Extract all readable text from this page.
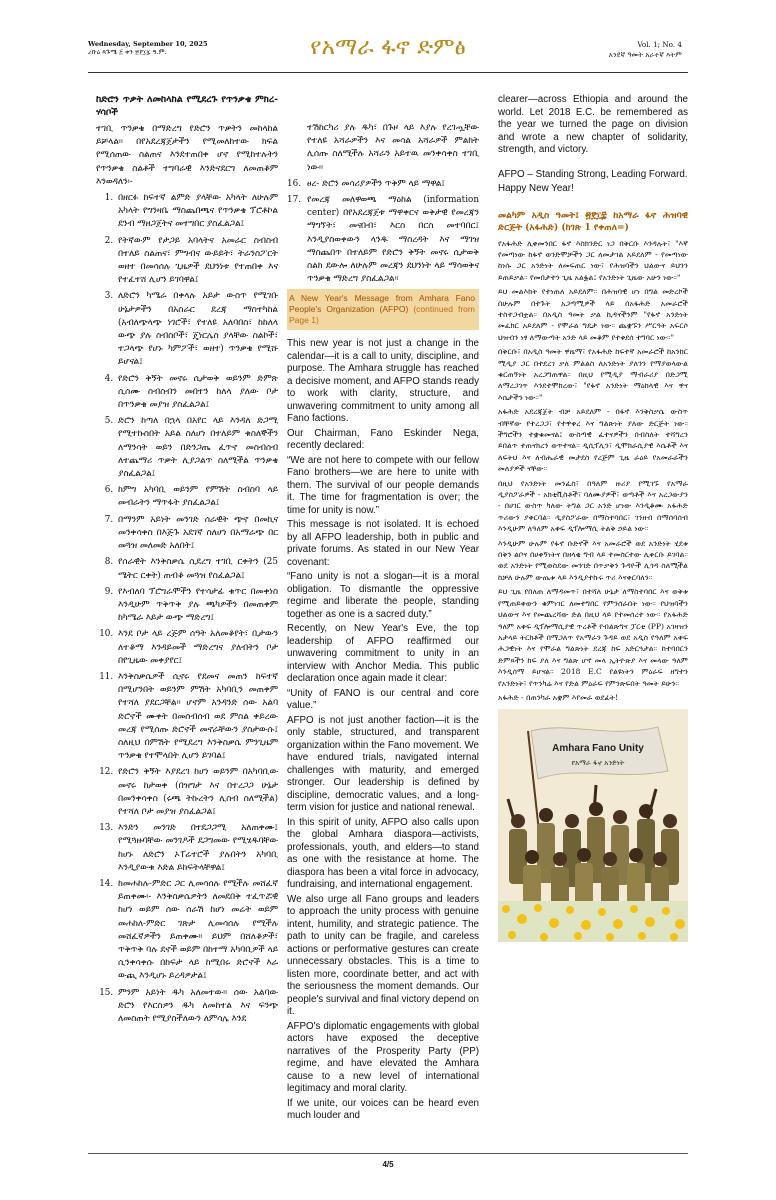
Wednesday, September 10, 2025
ረቡዕ ጳጉሜ ፭ ቀን ፳፻፲፯ ዓ.ም.	የአማራ ፋኖ ድምፅ	Vol. 1; No. 4
አንደኛ ዓመት አራተኛ እትም
ከድሮን ጥቃት ለመከላከል የሚደረጉ የጥንቃቄ ምክረ-ሃሳቦች

ተገቢ ጥንቃቄ በማድረግ የድሮን ጥቃትን መከላከል ይቻላል፡፡ በየአደረጃጀታችን የሚመለከተው ክፍል የሚሰጠው ስልጠና እንደተጠበቀ ሆኖ የሚከተሉትን የጥንቃቄ ስልቶች ተግባራዊ እንድናደርግ ለመጠቆም እንወዳለን፡-

1. በዘርፉ ከፍተኛ ልምድ ያላቸው አካላት ለሁሉም አካላት የግንዛቤ ማስጨበጫና የጥንቃቄ ፕሮቶኮል ደንብ ማዘጋጀትና መተግበር ያስፈልጋል፤
2. የትኛውም የታጋይ አባላትና አመራር ስብስብ በተለይ ስልጠና፣ ምግብና ውይይት፣ ትራንስፖርት ወዘተ በመሳሰሉ ጊዜዎች ደህንነቱ የተጠበቀ እና የተፈተሸ ሊሆን ይገባዋል፤
3. ለድሮን ካሜራ በቀላሉ አይታ ውስጥ የሚገቡ ሁኔታዎችን በአስራር ደረጃ ማስተካከል (አብለጭላጭ ነገሮች፣ የተለዩ አለባበስ፣ ከከለላ ውጭ ያሉ ስብስቦች፣ ጄነርሌስ ያላቸው ስልኮች፣ ተጋላጭ የሆኑ ካምፖች፣ ወዘተ) ጥንቃቄ የሚሹ ይሆናል፤
4. የድሮን ቅኝት መኖሩ ሲታወቅ ወይንም ድምጽ ሲሰሙ ስብስብን መበተን ከለላ ያለው ቦታ በጥንቃቄ መያዝ ያስፈልጋል፤
5. ድሮን ከጣለ በኋላ በአየር ላይ እንዳለ ድጋሚ የሚተኩስበት አይል ስለሆነ በተለይም ቁስለኞችን ለማንሳት ወይን በድንጋጤ ፈጥኖ መስብሰብ ለተጨማሪ ጥቃት ሊያጋልጥ ስለሚችል ጥንቃቄ ያስፈልጋል፤
6. ከምግ አካባቢ ወይንም የምሽት ስብስባ ላይ መብራትን ማጥፋት ያስፈልጋል፤
7. በማንም አይነት መንገድ ሰራዊት ጭኖ በመኪና መንቀሳቀስ በእጅጉ አደገኛ ስለሆነ በአማራጭ በር መጓዝ መለመድ አለበት፤
8. የሰራዊት እንቅስቃሴ ሲደረግ ተገቢ ርቀትን (25 ሜትር ርቀት) ጠብቆ መጓዝ የስፈልጋል፤
9. የእብለባ ፕሮግራሞችን የተሳታፊ ቁጥር በመቀነስ እንዲሁም ጥቅጥቅ ያሉ ጫካዎችን በመጠቀም ከካሜራ እይታ ውጭ ማድረግ፤
10. እንደ ቦታ ላይ ረጅም ሰዓት አለመቆየት፣ ቢታውን ለተቆማ እንዳይመች ማድረግና ያለብትን ቦታ በየጊዜው መቀያየር፤
11. እንቅስቃሴዎች ሲኖሩ የደመና መጠን ከፍተኛ በሚሆንበት ወይንም ምሽት አካባቢን መጠቀም የተሻለ ያደርጋቸል፡፡ ሆኖም አንዳንድ ሰው አልባ ድሮኖች ሙቀት በመሰብሰብ ወደ ምስል ቀይረው መረጃ የሚሰጡ ድሮኖች መኖራቸውን ያስታውሱ፤ ስለዚህ በምሽት የሚደረግ እንቅስቃሴ ምንጊዜም ጥንቃቄ የተሞላበት ሊሆን ይገባል፤
12. የድሮን ቅኝት እያደረገ ከሆነ ወይንም በአካባቢው መኖሩ ከታወቀ (በዝግታ እና በተረጋጋ ሁኔታ በመንቀሳቀስ (ሩጫ ትኩረትን ሊስብ ስለሚችል) የተሻለ ቦታ መያዝ ያስፈልጋል፤
13. እንድን መንገድ በተደጋጋሚ አለጠቀሙ፤ የሚጓዙባቸው መንገዶች ደጋግመው የሚሄዱባቸው ከሆኑ ለድሮን ኦፐሬተሮች ያሉበትን አካባቢ እንዲያውቁ እድል ይከፍትላቸዋል፤
14. ከመሐከሉ-ምድር ጋር ሊመሳሰሉ የሚችሉ መሸፈኛ ይጠቀሙ፡- እንቅስቃሴዎትን ለመደበቅ ተፈጥሯዊ ከሆነ ወይም ሰው ሰራሽ ከሆነ መሬት ወይም መሐከለ-ምድር ገጽታ ሊመሳሰሉ የሚችሉ መሸፈኛዎችን ይጠቀሙ፡፡ ይህም በሸለቆዎች፣ ጥቅጥቅ ባሉ ደኖች ወይም በከተማ አካባቢዎች ላይ ሲንቀሳቀሱ በከፍታ ላይ ከሚበሩ ድሮኖች እራ ውጪ እንዲሆኑ ይረዳዎታል፤
15. ምንም አይነት ዱካ አለመተው፡፡ ሰው አልባው ድሮን የእርስዎን ዱካ ለመከተል እና ፍንጭ ለመስጠት የሚያስችለውን ለምሳሌ እንደ
ተሽከርካሪ ያሉ ዱካ፣ በጉዞ ላይ እያሉ የረገጧቸው የተለዩ አሻራዎችን እና መሳል አሻራዎች ምልክት ሊሰጡ ስለሚችሉ አሻራን አይተዉ መንቀሳቀስ ተገቢ ነው፡፡
16. ፀረ- ድሮን መሳሪያዎችን ጥቅም ላይ ማዋል፤
17. የመረጃ መለዋወጫ ማዕከል (information center) በየአደረጃጀቱ ማዋቀርና ወቅታዊ የመረጃን ማግኘት፣ መናበብ፣ እርስ በርስ መተባበር፤ እንዲያስወቀውን ላንዱ ማስረዳት እና ማገዝ ማስጨበጥ በተለይም የድሮን ቅኝት መኖሩ ሲታወቅ ስልክ ደውሎ ለሁሉም መረጃን ደህንነት ላይ ማሳወቅና ጥንቃቄ ማድረግ ያስፈልጋል፡፡
A New Year's Message from Amhara Fano People's Organization (AFPO) (continued from Page 1)

This new year is not just a change in the calendar—it is a call to unity, discipline, and purpose. The Amhara struggle has reached a decisive moment, and AFPO stands ready to work with clarity, structure, and unwavering commitment to unity among all Fano factions.

Our Chairman, Fano Eskinder Nega, recently declared:

“We are not here to compete with our fellow Fano brothers—we are here to unite with them. The survival of our people demands it. The time for fragmentation is over; the time for unity is now.”

This message is not isolated. It is echoed by all AFPO leadership, both in public and private forums. As stated in our New Year covenant:

“Fano unity is not a slogan—it is a moral obligation. To dismantle the oppressive regime and liberate the people, standing together as one is a sacred duty.”

Recently, on New Year's Eve, the top leadership of AFPO reaffirmed our unwavering commitment to unity in an interview with Anchor Media. This public declaration once again made it clear:

“Unity of FANO is our central and core value.”

AFPO is not just another faction—it is the only stable, structured, and transparent organization within the Fano movement. We have endured trials, navigated internal challenges with maturity, and emerged stronger. Our leadership is defined by discipline, democratic values, and a long-term vision for justice and national renewal.

In this spirit of unity, AFPO also calls upon the global Amhara diaspora—activists, professionals, youth, and elders—to stand as one with the resistance at home. The diaspora has been a vital force in advocacy, fundraising, and international engagement.

We also urge all Fano groups and leaders to approach the unity process with genuine intent, humility, and strategic patience. The path to unity can be fragile, and careless actions or performative gestures can create unnecessary obstacles. This is a time to listen more, coordinate better, and act with the seriousness the moment demands. Our people's survival and final victory depend on it.

AFPO's diplomatic engagements with global actors have exposed the deceptive narratives of the Prosperity Party (PP) regime, and have elevated the Amhara cause to a new level of international legitimacy and moral clarity.

If we unite, our voices can be heard even much louder and

clearer—across Ethiopia and around the world. Let 2018 E.C. be remembered as the year we turned the page on division and wrote a new chapter of solidarity, strength, and victory.

AFPO – Standing Strong, Leading Forward.

Happy New Year!

መልካም አዲስ ዓመት፤ ፳፻፲፰ ከአማራ ፋኖ ሕዝባዊ ድርጅት (አፋሕድ) (ከገጽ 1 የቀጠለ=)

የአፋሕድ ሊቀመንበር ፋኖ እስክንድር ነጋ በቅርቡ እንዳሉት፣ "እኛ የመጣነው ከፋኖ ወንድሞቻችን ጋር ለመታገል አይደለም - የመጣነው ከነሱ ጋር አንድነት ለመፍጠር ነው፣ የሕዝባችን ህልውና ይህንን ይጠይቃል። የመበታተን ጊዜ አልፏል፤ የአንድነት ጊዜው አሁን ነው።"

ይህ መልእክት የተነጠለ አይደለም። በሕዝባዊ ሆነ በግል መድረኮች በሁሉም በተጉት አጋጣሚዎች ላይ በአፋሕድ አመራሮች ተስተጋብቷል። በአዲስ ዓመት ቃል ኪዳናችንም "የፋኖ አንድነት መፈክር አይደለም - የሞራል ግዴታ ነው። ጨቋኙን ሥርዓት አፍርሶ ህዝብን ነፃ ለማውጣት አንድ ላይ መቆም የተቀደሰ ተግባር ነው።"

በቅርቡ፣ በአዲስ ዓመት ዋዜማ፣ የአፋሕድ ከፍተኛ አመራሮች ከአንከር ሚዲያ ጋር በተደረገ ቃለ ምልልስ ለአንድነት ያለንን የማያወላውል ቁርጠኝነት አረጋግጠዋል። በዚህ የሚዲያ ማብራሪያ በድጋሚ ለማረጋገጥ እንደተሞከረው፣ "የፋኖ አንድነት ማዕከላዊ እና ዋና እሴታችን ነው።"

አፋሕድ አደረጃጀት ብቻ አይደለም - በፋኖ እንቅስቃሴ ውስጥ ብቸኛው የተረጋጋ፣ የተዋቀረ እና ግልጽነት ያለው ድርጅት ነው። ችግሮችን ተቋቁመናል፤ ውስጣዊ ፈተናዎችን በብስለት ተሻግረን ይበልጥ ተጠናክረን ወጥተናል። ዲሲፕሊን፣ ዲሞክራሲያዊ እሴቶች እና ለፍትህ እና ለብሔራዊ መታደስ የረጅም ጊዜ ራዕይ የአመራራችን መለያዎች ናቸው።

በዚህ የአንድነት መንፈስ፣ በዓለም ዙሪያ የሚገኙ የአማራ ዲያስፖራዎች - አክቲቪስቶች፣ ባለሙያዎች፣ ወጣቶች እና አረጋውያን - በሀገር ውስጥ ካለው ትግል ጋር አንድ ሆነው እንዲቆሙ አፋሕድ ጥሪውን ያቀርባል። ዲያስፖራው በማስተባበር፣ ገንዘብ በማሰባሰብ እንዲሁም ለዓለም አቀፍ ዲፕሎማሲ ትልቅ ኃይል ነው።

እንዲሁም ሁሉም የፋኖ ቡድኖች እና አመራሮች ወደ አንድነት ሂደቱ በቅን ልቦና በሀቀኝነትና በዘላቂ ግብ ላይ ተመስርተው ሊቀርቡ ይገባል። ወደ አንድነት የሚወስደው መንገድ በጥቃቅን ጉዳዮች ሊጎዳ ስለሚችል ከቻለ ሁሉም ውጤቱ ላይ እንዲያተኩሩ ጥሪ እናቀርባለን።

ይህ ጊዜ የበለጠ ለማዳመጥ፣ በተሻለ ሁኔታ ለማስተባበር እና ወቅቱ የሚጠይቀውን ቁምነገር ለመተግበር የምንሰራበት ነው። የህዝባችን ህልውና እና የመጨረሻው ድል በዚህ ላይ የተመሰረተ ነው። የአፋሕድ ዓለም አቀፍ ዲፕሎማሲያዊ ጥረቶች የብልጽግና ፓርቲ (PP) አገዛዝን አታላይ ትርክቶች በማጋለጥ የአማራን ጉዳይ ወደ አዲስ የዓለም አቀፍ ሕጋዊነት እና የሞራል ግልጽነት ደረጃ ከፍ አድርጓታል። ከተባበርን ድምጻችን ከፍ ያለ እና ግልጽ ሆኖ መላ ኢትዮጵያ እና መላው ዓለም እንዲሰማ ይሆናል። 2018 E.C የልዩነትን ምዕራፍ ዘግተን የአንድነት፣ የጥንካሬ እና የድል ምዕራፍ የምንጽፍበት ዓመት ይሁን።

አፋሕድ - በጠንካራ አቋም እየመራ ወደፊት!

Amhara Fano Unity
የአማራ ፋኖ አንድነት
4/5
